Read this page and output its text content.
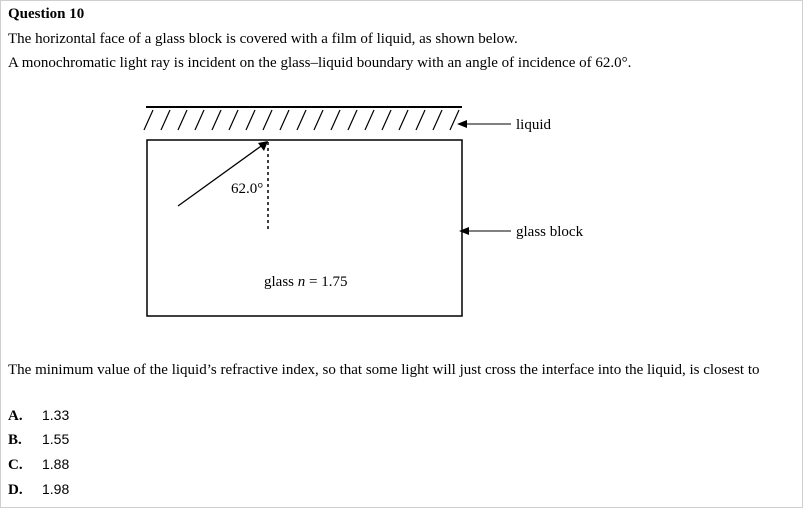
Question 10
The horizontal face of a glass block is covered with a film of liquid, as shown below.
A monochromatic light ray is incident on the glass–liquid boundary with an angle of incidence of 62.0°.
62.0°
liquid
glass block
glass n = 1.75
The minimum value of the liquid’s refractive index, so that some light will just cross the interface into the liquid, is closest to
A. 1.33
B. 1.55
C. 1.88
D. 1.98
